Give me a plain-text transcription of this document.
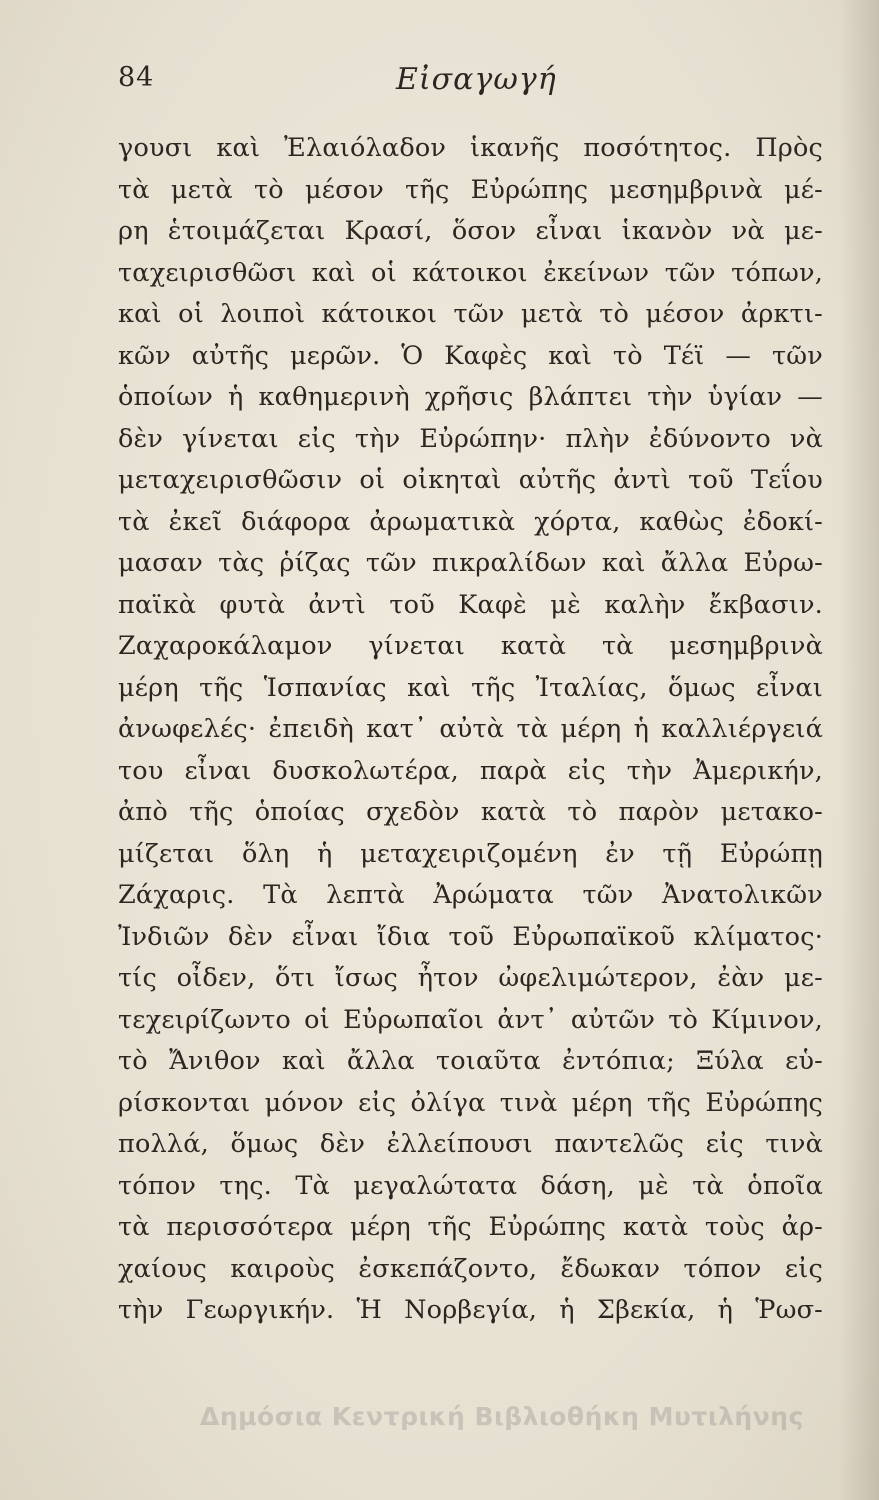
84	Εἰσαγωγή
γουσι καὶ Ἐλαιόλαδον ἱκανῆς ποσότητος. Πρὸς
τὰ μετὰ τὸ μέσον τῆς Εὐρώπης μεσημβρινὰ μέ-
ρη ἑτοιμάζεται Κρασί, ὅσον εἶναι ἱκανὸν νὰ με-
ταχειρισθῶσι καὶ οἱ κάτοικοι ἐκείνων τῶν τόπων,
καὶ οἱ λοιποὶ κάτοικοι τῶν μετὰ τὸ μέσον ἀρκτι-
κῶν αὐτῆς μερῶν. Ὁ Καφὲς καὶ τὸ Τέϊ — τῶν
ὁποίων ἡ καθημερινὴ χρῆσις βλάπτει τὴν ὑγίαν —
δὲν γίνεται εἰς τὴν Εὐρώπην· πλὴν ἐδύνοντο νὰ
μεταχειρισθῶσιν οἱ οἰκηταὶ αὐτῆς ἀντὶ τοῦ Τεΐου
τὰ ἐκεῖ διάφορα ἀρωματικὰ χόρτα, καθὼς ἐδοκί-
μασαν τὰς ῥίζας τῶν πικραλίδων καὶ ἄλλα Εὐρω-
παϊκὰ φυτὰ ἀντὶ τοῦ Καφὲ μὲ καλὴν ἔκβασιν.
Ζαχαροκάλαμον γίνεται κατὰ τὰ μεσημβρινὰ
μέρη τῆς Ἱσπανίας καὶ τῆς Ἰταλίας, ὅμως εἶναι
ἀνωφελές· ἐπειδὴ κατ᾽ αὐτὰ τὰ μέρη ἡ καλλιέργειά
του εἶναι δυσκολωτέρα, παρὰ εἰς τὴν Ἀμερικήν,
ἀπὸ τῆς ὁποίας σχεδὸν κατὰ τὸ παρὸν μετακο-
μίζεται ὅλη ἡ μεταχειριζομένη ἐν τῇ Εὐρώπῃ
Ζάχαρις. Τὰ λεπτὰ Ἀρώματα τῶν Ἀνατολικῶν
Ἰνδιῶν δὲν εἶναι ἴδια τοῦ Εὐρωπαϊκοῦ κλίματος·
τίς οἶδεν, ὅτι ἴσως ἦτον ὠφελιμώτερον, ἐὰν με-
τεχειρίζωντο οἱ Εὐρωπαῖοι ἀντ᾽ αὐτῶν τὸ Κίμινον,
τὸ Ἄνιθον καὶ ἄλλα τοιαῦτα ἐντόπια; Ξύλα εὑ-
ρίσκονται μόνον εἰς ὀλίγα τινὰ μέρη τῆς Εὐρώπης
πολλά, ὅμως δὲν ἐλλείπουσι παντελῶς εἰς τινὰ
τόπον της. Τὰ μεγαλώτατα δάση, μὲ τὰ ὁποῖα
τὰ περισσότερα μέρη τῆς Εὐρώπης κατὰ τοὺς ἀρ-
χαίους καιροὺς ἐσκεπάζοντο, ἔδωκαν τόπον εἰς
τὴν Γεωργικήν. Ἡ Νορβεγία, ἡ Σβεκία, ἡ Ῥωσ-
Δημόσια Κεντρική Βιβλιοθήκη Μυτιλήνης
